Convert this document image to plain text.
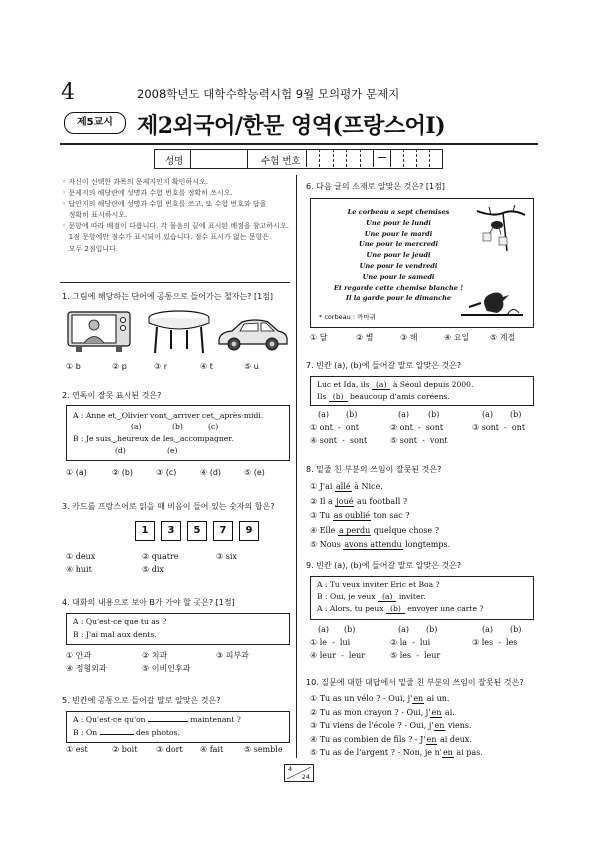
4	2008학년도 대학수학능력시험 9월 모의평가 문제지
제5교시	제2외국어/한문 영역(프랑스어Ⅰ)
성명	수험 번호
◦ 자신이 선택한 과목의 문제지인지 확인하시오.
◦ 문제지의 해당란에 성명과 수험 번호를 정확히 쓰시오.
◦ 답안지의 해당란에 성명과 수험 번호를 쓰고, 또 수험 번호와 답을
정확히 표시하시오.
◦ 문항에 따라 배점이 다릅니다. 각 물음의 끝에 표시된 배점을 참고하시오.
1점 문항에만 점수가 표시되어 있습니다. 점수 표시가 없는 문항은
모두 2점입니다.
1. 그림에 해당하는 단어에 공통으로 들어가는 철자는? [1점]
① b	② p	③ r	④ t	⑤ u
2. 연독이 잘못 표시된 것은?
A : Anne et‿Olivier vont‿arriver cet‿après-midi.
(a)	(b)	(c)
B : Je suis‿heureux de les‿accompagner.
(d)	(e)
① (a)	② (b)	③ (c)	④ (d)	⑤ (e)
3. 카드를 프랑스어로 읽을 때 비음이 들어 있는 숫자의 합은?
1	3	5	7	9
① deux	② quatre	③ six
④ huit	⑤ dix
4. 대화의 내용으로 보아 B가 가야 할 곳은? [1점]
A : Qu'est-ce que tu as ?
B : J'ai mal aux dents.
① 안과	② 치과	③ 피부과
④ 정형외과	⑤ 이비인후과
5. 빈칸에 공통으로 들어갈 말로 알맞은 것은?
A : Qu'est-ce qu'on	maintenant ?
B : On	des photos.
① est	② boit ③ dort ④ fait	⑤ semble
6. 다음 글의 소재로 알맞은 것은? [1점]
Le corbeau a sept chemises
Une pour le lundi
Une pour le mardi
Une pour le mercredi
Une pour le jeudi
Une pour le vendredi
Une pour le samedi
Et regarde cette chemise blanche !
Il la garde pour le dimanche
* corbeau : 까마귀
① 달	② 별	③ 해	④ 요일	⑤ 계절
7. 빈칸 (a), (b)에 들어갈 말로 알맞은 것은?
Luc et Ida, ils (a) à Séoul depuis 2000.
Ils (b) beaucoup d'amis coréens.
(a) (b)	(a) (b)	(a) (b)
① ont  -  ont	② ont  -  sont	③ sont  -  ont
④ sont  -  sont	⑤ sont  -  vont
8. 밑줄 친 부분의 쓰임이 잘못된 것은?
① J'ai allé à Nice.
② Il a joué au football ?
③ Tu as oublié ton sac ?
④ Elle a perdu quelque chose ?
⑤ Nous avons attendu longtemps.
9. 빈칸 (a), (b)에 들어갈 말로 알맞은 것은?
A : Tu veux inviter Eric et Boa ?
B : Oui, je veux (a) inviter.
A : Alors, tu peux (b) envoyer une carte ?
(a) (b)	(a) (b)	(a) (b)
① le  -  lui	② la  -  lui	③ les  -  les
④ leur  -  leur	⑤ les  -  leur
10. 질문에 대한 대답에서 밑줄 친 부분의 쓰임이 잘못된 것은?
① Tu as un vélo ? - Oui, j'en ai un.
② Tu as mon crayon ? - Oui, j'en ai.
③ Tu viens de l'école ? - Oui, j'en viens.
④ Tu as combien de fils ? - J'en ai deux.
⑤ Tu as de l'argent ? - Non, je n'en ai pas.
4
24
